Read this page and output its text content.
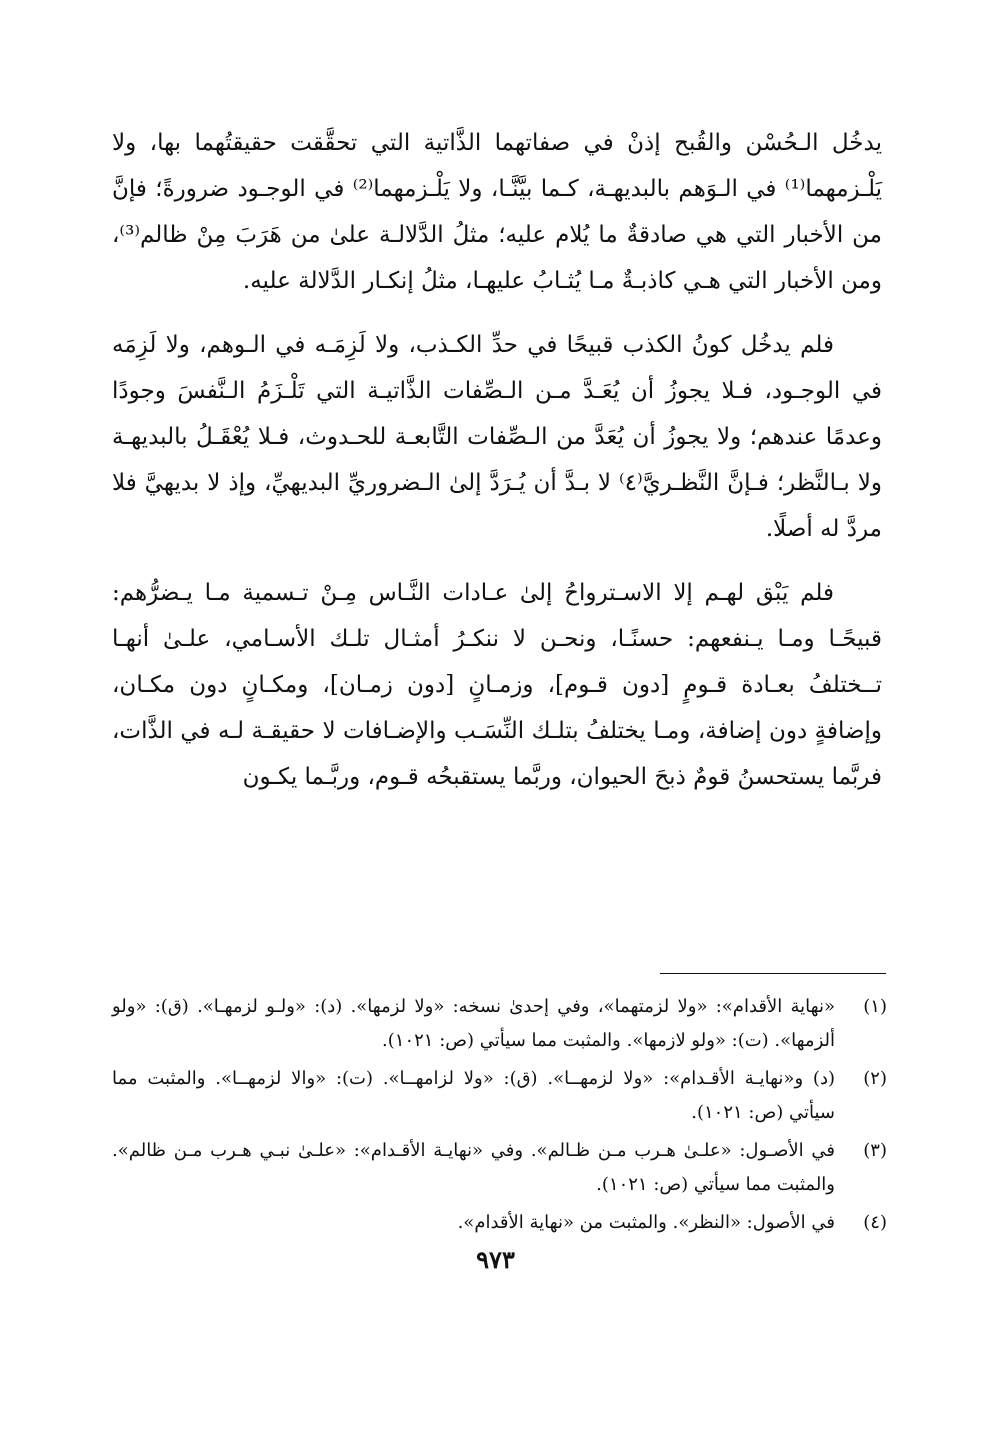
يدخُل الـحُسْن والقُبح إذنْ في صفاتهما الذَّاتية التي تحقَّقت حقيقتُهما بها، ولا يَلْـزمهما⁽¹⁾ في الـوَهم بالبديهـة، كـما بيَّنَّـا، ولا يَلْـزمهما⁽²⁾ في الوجـود ضرورةً؛ فإنَّ من الأخبار التي هي صادقةٌ ما يُلام عليه؛ مثلُ الدَّلالـة علىٰ من هَرَبَ مِنْ ظالم⁽³⁾، ومن الأخبار التي هـي كاذبـةٌ مـا يُثـابُ عليهـا، مثلُ إنكـار الدَّلالة عليه.

فلم يدخُل كونُ الكذب قبيحًا في حدِّ الكـذب، ولا لَزِمَـه في الـوهم، ولا لَزِمَه في الوجـود، فـلا يجوزُ أن يُعَـدَّ مـن الـصِّفات الذَّاتيـة التي تَلْـزَمُ الـنَّفسَ وجودًا وعدمًا عندهم؛ ولا يجوزُ أن يُعَدَّ من الـصِّفات التَّابعـة للحـدوث، فـلا يُعْقَـلُ بالبديهـة ولا بـالنَّظر؛ فـإنَّ النَّظـريَّ⁽٤⁾ لا بـدَّ أن يُـرَدَّ إلىٰ الـضروريِّ البديهيِّ، وإذ لا بديهيَّ فلا مردَّ له أصلًا.

فلم يَبْق لهـم إلا الاسـترواحُ إلىٰ عـادات النَّـاس مِـنْ تـسمية مـا يـضرُّهم: قبيحًـا ومـا يـنفعهم: حسنًـا، ونحـن لا ننكـرُ أمثـال تلـك الأسـامي، علـىٰ أنهـا تــختلفُ بعـادة قـومٍ [دون قـوم]، وزمـانٍ [دون زمـان]، ومكـانٍ دون مكـان، وإضافةٍ دون إضافة، ومـا يختلفُ بتلـك النِّسَـب والإضـافات لا حقيقـة لـه في الذَّات، فربَّما يستحسنُ قومٌ ذبحَ الحيوان، وربَّما يستقبحُه قـوم، وربَّـما يكـون

(١)
«نهاية الأقدام»: «ولا لزمتهما»، وفي إحدىٰ نسخه: «ولا لزمها». (د): «ولـو لزمهـا». (ق): «ولو ألزمها». (ت): «ولو لازمها». والمثبت مما سيأتي (ص: ١٠٢١).
(٢)
(د) و«نهايـة الأقـدام»: «ولا لزمهــا». (ق): «ولا لزامهــا». (ت): «والا لزمهــا». والمثبت مما سيأتي (ص: ١٠٢١).
(٣)
في الأصـول: «علـىٰ هـرب مـن ظـالم». وفي «نهايـة الأقـدام»: «علـىٰ نبـي هـرب مـن ظالم». والمثبت مما سيأتي (ص: ١٠٢١).
(٤)
في الأصول: «النظر». والمثبت من «نهاية الأقدام».
٩٧٣
